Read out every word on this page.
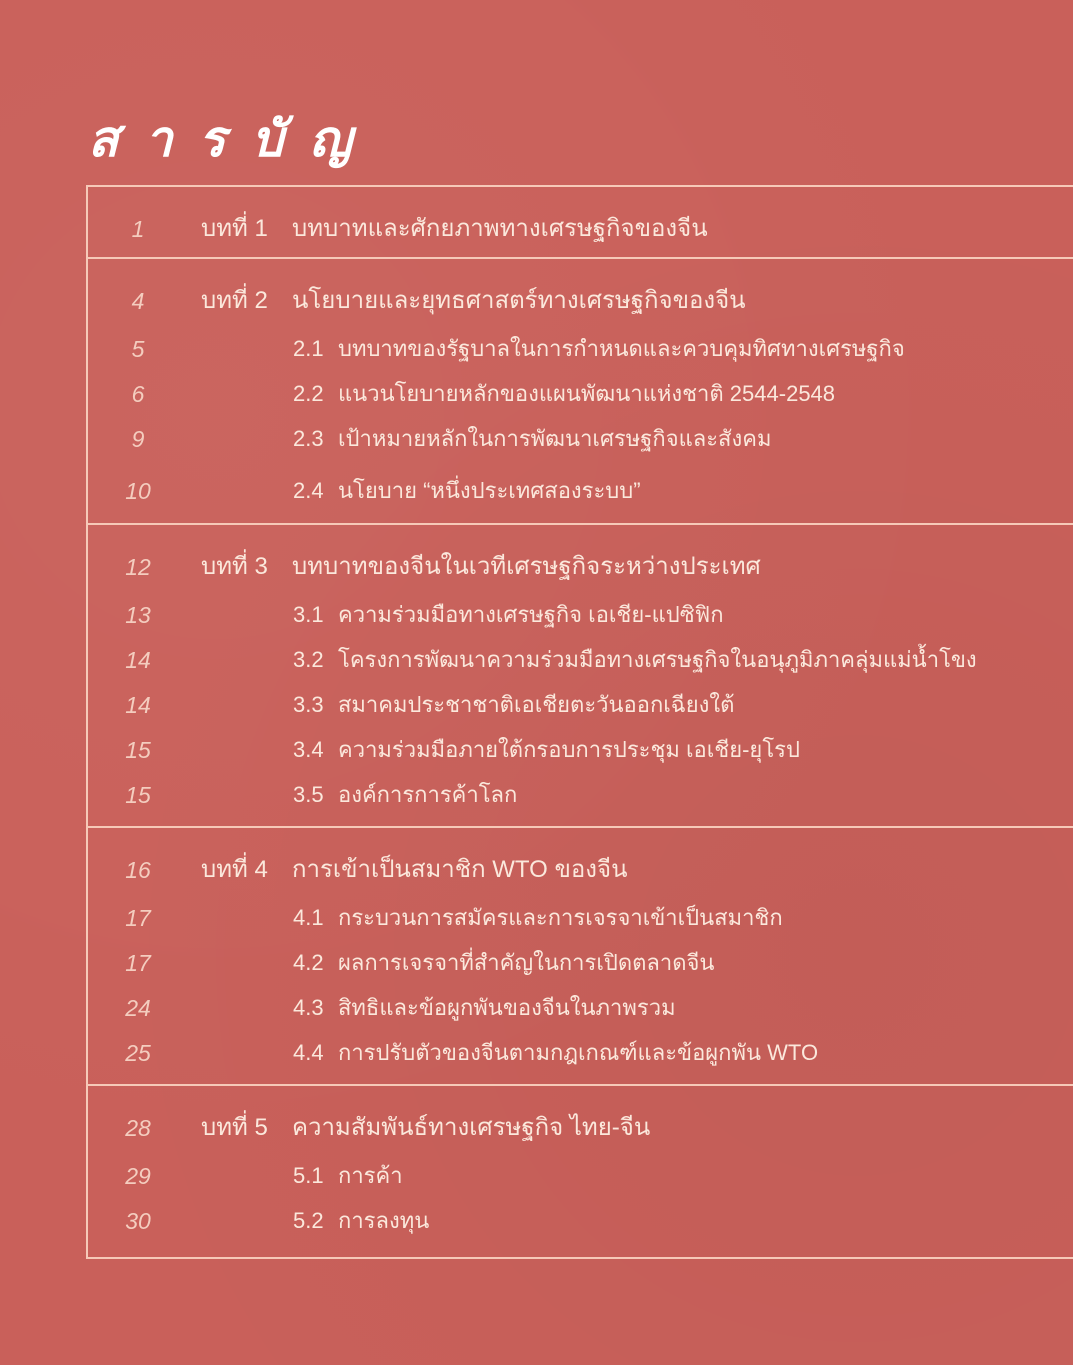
สารบัญ
1	บทที่ 1 บทบาทและศักยภาพทางเศรษฐกิจของจีน
4	บทที่ 2 นโยบายและยุทธศาสตร์ทางเศรษฐกิจของจีน
5	2.1 บทบาทของรัฐบาลในการกำหนดและควบคุมทิศทางเศรษฐกิจ
6	2.2 แนวนโยบายหลักของแผนพัฒนาแห่งชาติ 2544-2548
9	2.3 เป้าหมายหลักในการพัฒนาเศรษฐกิจและสังคม
10	2.4 นโยบาย “หนึ่งประเทศสองระบบ”
12	บทที่ 3 บทบาทของจีนในเวทีเศรษฐกิจระหว่างประเทศ
13	3.1 ความร่วมมือทางเศรษฐกิจ เอเชีย-แปซิฟิก
14	3.2 โครงการพัฒนาความร่วมมือทางเศรษฐกิจในอนุภูมิภาคลุ่มแม่น้ำโขง
14	3.3 สมาคมประชาชาติเอเชียตะวันออกเฉียงใต้
15	3.4 ความร่วมมือภายใต้กรอบการประชุม เอเชีย-ยุโรป
15	3.5 องค์การการค้าโลก
16	บทที่ 4 การเข้าเป็นสมาชิก WTO ของจีน
17	4.1 กระบวนการสมัครและการเจรจาเข้าเป็นสมาชิก
17	4.2 ผลการเจรจาที่สำคัญในการเปิดตลาดจีน
24	4.3 สิทธิและข้อผูกพันของจีนในภาพรวม
25	4.4 การปรับตัวของจีนตามกฎเกณฑ์และข้อผูกพัน WTO
28	บทที่ 5 ความสัมพันธ์ทางเศรษฐกิจ ไทย-จีน
29	5.1 การค้า
30	5.2 การลงทุน
